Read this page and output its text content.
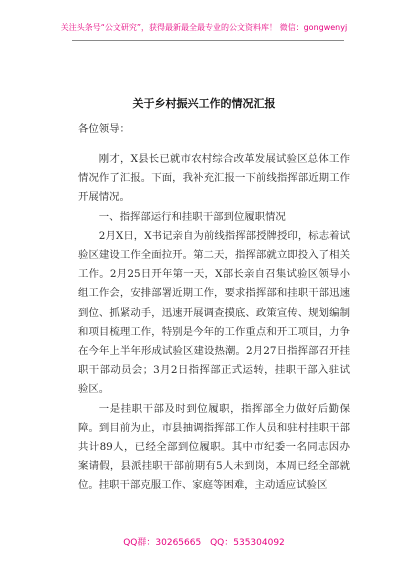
关注头条号“公文研究”，获得最新最全最专业的公文资料库！ 微信：gongwenyj
关于乡村振兴工作的情况汇报

各位领导：

刚才，X县长已就市农村综合改革发展试验区总体工作情况作了汇报。下面，我补充汇报一下前线指挥部近期工作开展情况。

一、指挥部运行和挂职干部到位履职情况

2月X日，X书记亲自为前线指挥部授牌授印，标志着试验区建设工作全面拉开。第二天，指挥部就立即投入了相关工作。2月25日开年第一天，X部长亲自召集试验区领导小组工作会，安排部署近期工作，要求指挥部和挂职干部迅速到位、抓紧动手，迅速开展调查摸底、政策宣传、规划编制和项目梳理工作，特别是今年的工作重点和开工项目，力争在今年上半年形成试验区建设热潮。2月27日指挥部召开挂职干部动员会；3月2日指挥部正式运转，挂职干部入驻试验区。

一是挂职干部及时到位履职，指挥部全力做好后勤保障。到目前为止，市县抽调指挥部工作人员和驻村挂职干部共计89人，已经全部到位履职。其中市纪委一名同志因办案请假，县派挂职干部前期有5人未到岗，本周已经全部就位。挂职干部克服工作、家庭等困难，主动适应试验区

QQ群：30265665 QQ：535304092
